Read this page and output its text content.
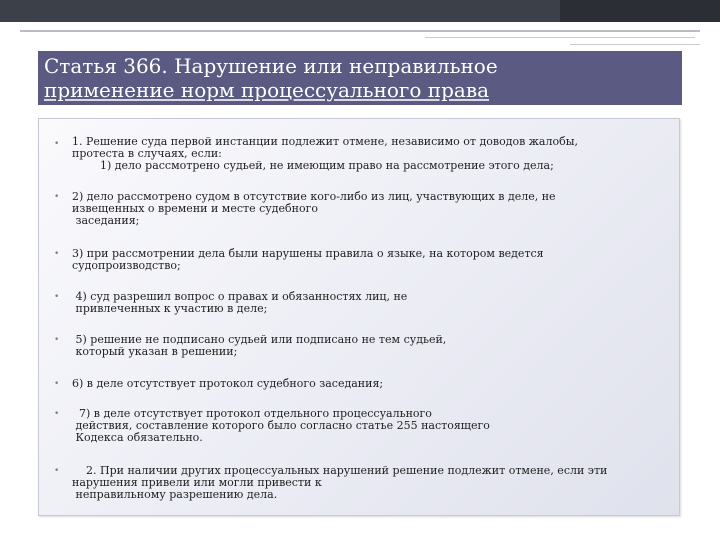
Статья 366. Нарушение или неправильное
применение норм процессуального права
• 1. Решение суда первой инстанции подлежит отмене, независимо от доводов жалобы,
протеста в случаях, если:
1) дело рассмотрено судьей, не имеющим право на рассмотрение этого дела;
• 2) дело рассмотрено судом в отсутствие кого-либо из лиц, участвующих в деле, не
извещенных о времени и месте судебного
заседания;
• 3) при рассмотрении дела были нарушены правила о языке, на котором ведется
судопроизводство;
•	4) суд разрешил вопрос о правах и обязанностях лиц, не
привлеченных к участию в деле;
•	5) решение не подписано судьей или подписано не тем судьей,
который указан в решении;
• 6) в деле отсутствует протокол судебного заседания;
•	7) в деле отсутствует протокол отдельного процессуального
действия, составление которого было согласно статье 255 настоящего
Кодекса обязательно.
•	2. При наличии других процессуальных нарушений решение подлежит отмене, если эти
нарушения привели или могли привести к
неправильному разрешению дела.
